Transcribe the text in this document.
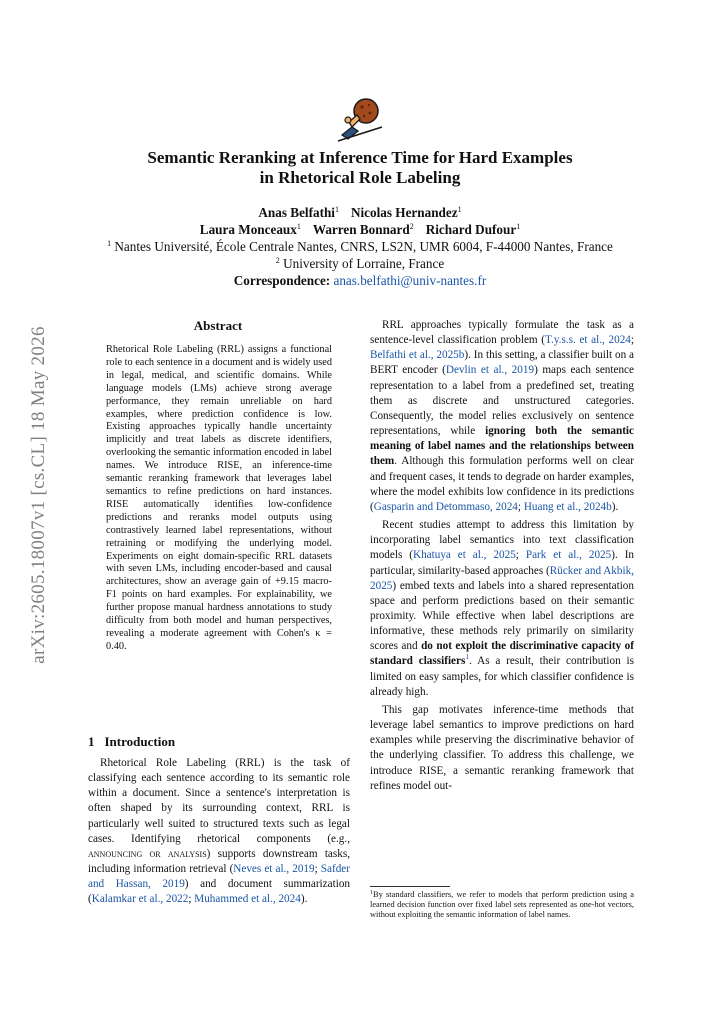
arXiv:2605.18007v1 [cs.CL] 18 May 2026
Semantic Reranking at Inference Time for Hard Examples
in Rhetorical Role Labeling
Anas Belfathi$^1$ Nicolas Hernandez$^1$
Laura Monceaux$^1$ Warren Bonnard$^2$ Richard Dufour$^1$
$^1$ Nantes Université, École Centrale Nantes, CNRS, LS2N, UMR 6004, F-44000 Nantes, France
$^2$ University of Lorraine, France
Correspondence: anas.belfathi@univ-nantes.fr
Abstract
Rhetorical Role Labeling (RRL) assigns a functional role to each sentence in a document and is widely used in legal, medical, and scientific domains. While language models (LMs) achieve strong average performance, they remain unreliable on hard examples, where prediction confidence is low. Existing approaches typically handle uncertainty implicitly and treat labels as discrete identifiers, overlooking the semantic information encoded in label names. We introduce RISE, an inference-time semantic reranking framework that leverages label semantics to refine predictions on hard instances. RISE automatically identifies low-confidence predictions and reranks model outputs using contrastively learned label representations, without retraining or modifying the underlying model. Experiments on eight domain-specific RRL datasets with seven LMs, including encoder-based and causal architectures, show an average gain of +9.15 macro-F1 points on hard examples. For explainability, we further propose manual hardness annotations to study difficulty from both model and human perspectives, revealing a moderate agreement with Cohen's κ = 0.40.
1 Introduction

Rhetorical Role Labeling (RRL) is the task of classifying each sentence according to its semantic role within a document. Since a sentence's interpretation is often shaped by its surrounding context, RRL is particularly well suited to structured texts such as legal cases. Identifying rhetorical components (e.g., announcing or analysis) supports downstream tasks, including information retrieval (Neves et al., 2019; Safder and Hassan, 2019) and document summarization (Kalamkar et al., 2022; Muhammed et al., 2024).

RRL approaches typically formulate the task as a sentence-level classification problem (T.y.s.s. et al., 2024; Belfathi et al., 2025b). In this setting, a classifier built on a BERT encoder (Devlin et al., 2019) maps each sentence representation to a label from a predefined set, treating them as discrete and unstructured categories. Consequently, the model relies exclusively on sentence representations, while ignoring both the semantic meaning of label names and the relationships between them. Although this formulation performs well on clear and frequent cases, it tends to degrade on harder examples, where the model exhibits low confidence in its predictions (Gasparin and Detommaso, 2024; Huang et al., 2024b).

Recent studies attempt to address this limitation by incorporating label semantics into text classification models (Khatuya et al., 2025; Park et al., 2025). In particular, similarity-based approaches (Rücker and Akbik, 2025) embed texts and labels into a shared representation space and perform predictions based on their semantic proximity. While effective when label descriptions are informative, these methods rely primarily on similarity scores and do not exploit the discriminative capacity of standard classifiers$^1$. As a result, their contribution is limited on easy samples, for which classifier confidence is already high.

This gap motivates inference-time methods that leverage label semantics to improve predictions on hard examples while preserving the discriminative behavior of the underlying classifier. To address this challenge, we introduce RISE, a semantic reranking framework that refines model out-

$^1$By standard classifiers, we refer to models that perform prediction using a learned decision function over fixed label sets represented as one-hot vectors, without exploiting the semantic information of label names.
